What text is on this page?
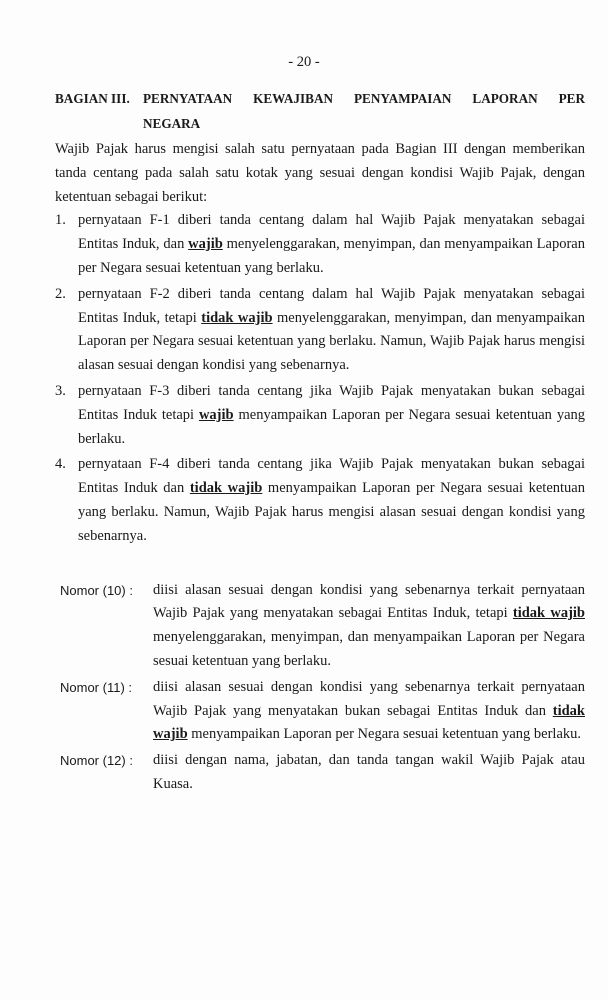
- 20 -
BAGIAN III.	PERNYATAAN KEWAJIBAN PENYAMPAIAN LAPORAN PER NEGARA
Wajib Pajak harus mengisi salah satu pernyataan pada Bagian III dengan memberikan tanda centang pada salah satu kotak yang sesuai dengan kondisi Wajib Pajak, dengan ketentuan sebagai berikut:
1. pernyataan F-1 diberi tanda centang dalam hal Wajib Pajak menyatakan sebagai Entitas Induk, dan wajib menyelenggarakan, menyimpan, dan menyampaikan Laporan per Negara sesuai ketentuan yang berlaku.
2. pernyataan F-2 diberi tanda centang dalam hal Wajib Pajak menyatakan sebagai Entitas Induk, tetapi tidak wajib menyelenggarakan, menyimpan, dan menyampaikan Laporan per Negara sesuai ketentuan yang berlaku. Namun, Wajib Pajak harus mengisi alasan sesuai dengan kondisi yang sebenarnya.
3. pernyataan F-3 diberi tanda centang jika Wajib Pajak menyatakan bukan sebagai Entitas Induk tetapi wajib menyampaikan Laporan per Negara sesuai ketentuan yang berlaku.
4. pernyataan F-4 diberi tanda centang jika Wajib Pajak menyatakan bukan sebagai Entitas Induk dan tidak wajib menyampaikan Laporan per Negara sesuai ketentuan yang berlaku. Namun, Wajib Pajak harus mengisi alasan sesuai dengan kondisi yang sebenarnya.
Nomor (10) :	diisi alasan sesuai dengan kondisi yang sebenarnya terkait pernyataan Wajib Pajak yang menyatakan sebagai Entitas Induk, tetapi tidak wajib menyelenggarakan, menyimpan, dan menyampaikan Laporan per Negara sesuai ketentuan yang berlaku.
Nomor (11) :	diisi alasan sesuai dengan kondisi yang sebenarnya terkait pernyataan Wajib Pajak yang menyatakan bukan sebagai Entitas Induk dan tidak wajib menyampaikan Laporan per Negara sesuai ketentuan yang berlaku.
Nomor (12) :	diisi dengan nama, jabatan, dan tanda tangan wakil Wajib Pajak atau Kuasa.
